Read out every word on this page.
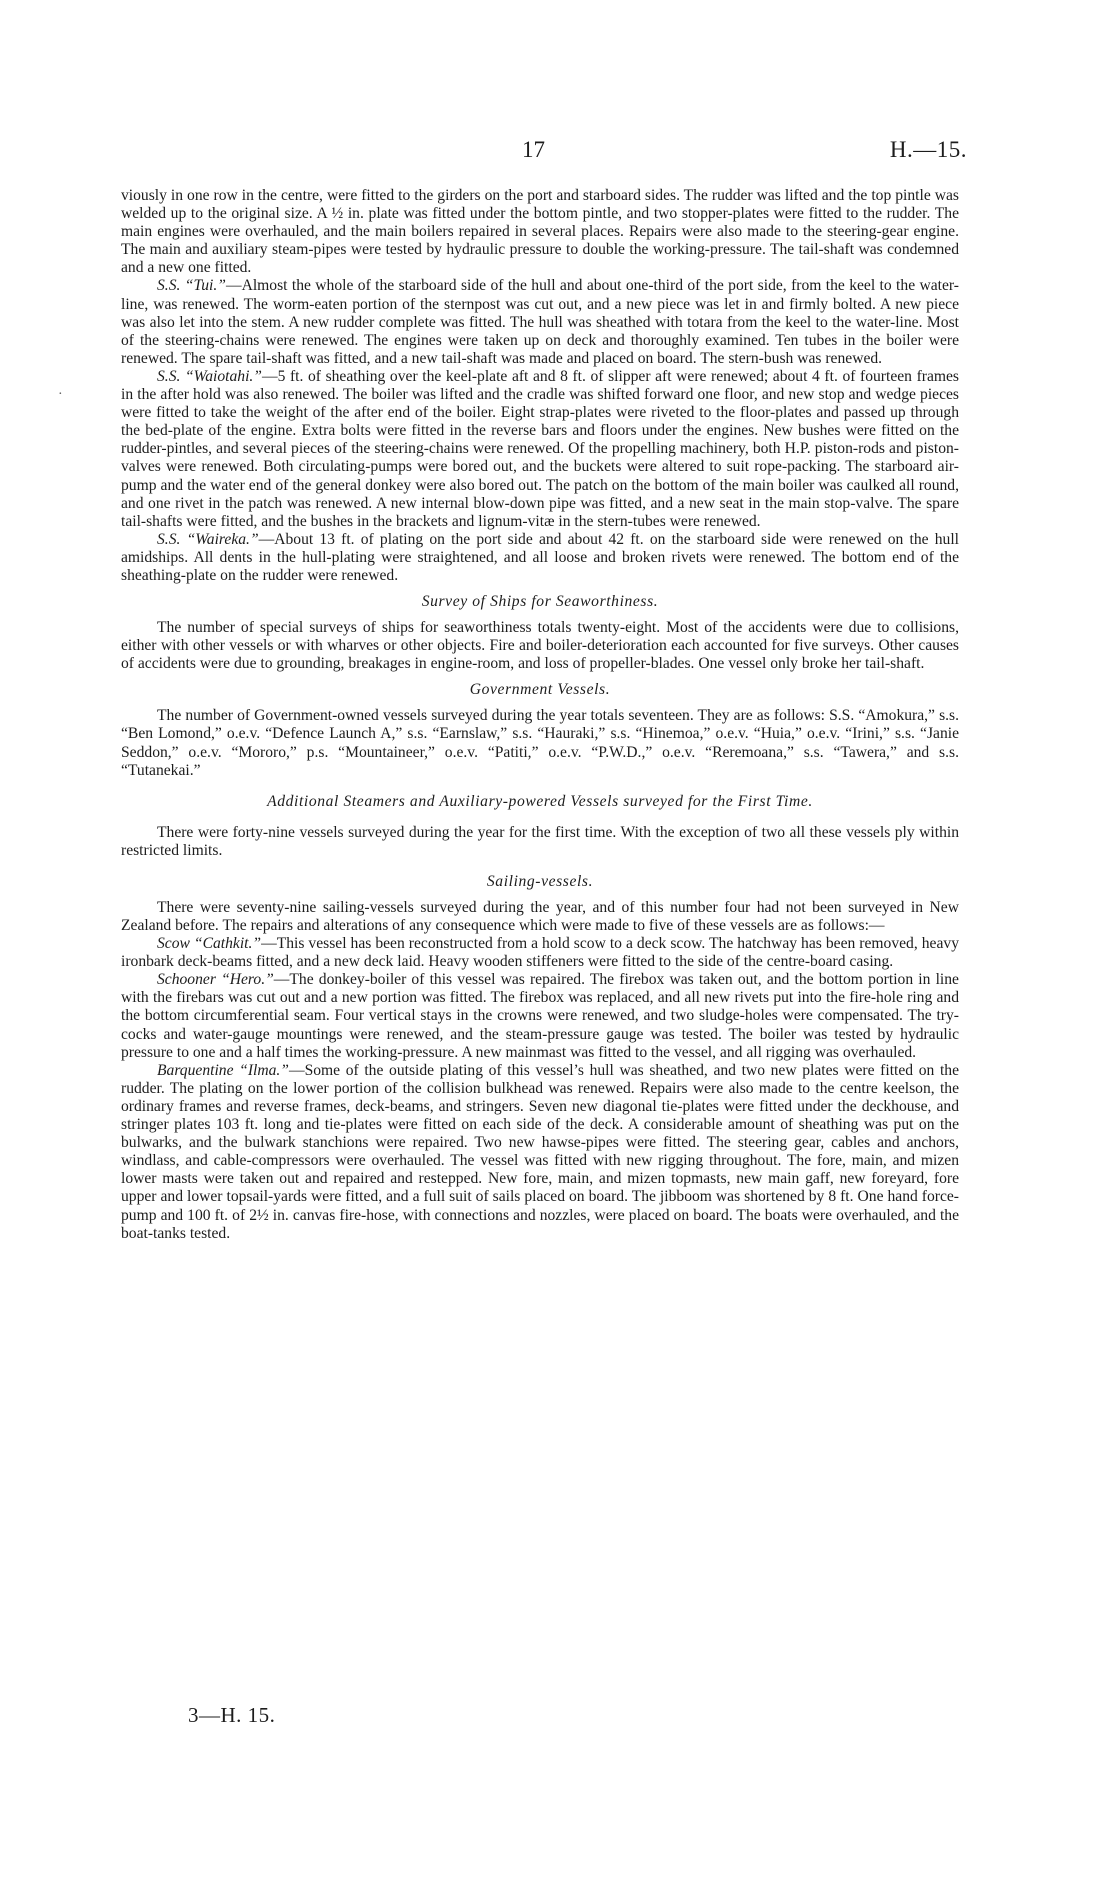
17	H.—15.
·

viously in one row in the centre, were fitted to the girders on the port and starboard sides. The rudder was lifted and the top pintle was welded up to the original size. A ½ in. plate was fitted under the bottom pintle, and two stopper-plates were fitted to the rudder. The main engines were overhauled, and the main boilers repaired in several places. Repairs were also made to the steering-gear engine. The main and auxiliary steam-pipes were tested by hydraulic pressure to double the working-pressure. The tail-shaft was condemned and a new one fitted.

S.S. “Tui.”—Almost the whole of the starboard side of the hull and about one-third of the port side, from the keel to the water-line, was renewed. The worm-eaten portion of the sternpost was cut out, and a new piece was let in and firmly bolted. A new piece was also let into the stem. A new rudder complete was fitted. The hull was sheathed with totara from the keel to the water-line. Most of the steering-chains were renewed. The engines were taken up on deck and thoroughly examined. Ten tubes in the boiler were renewed. The spare tail-shaft was fitted, and a new tail-shaft was made and placed on board. The stern-bush was renewed.

S.S. “Waiotahi.”—5 ft. of sheathing over the keel-plate aft and 8 ft. of slipper aft were renewed; about 4 ft. of fourteen frames in the after hold was also renewed. The boiler was lifted and the cradle was shifted forward one floor, and new stop and wedge pieces were fitted to take the weight of the after end of the boiler. Eight strap-plates were riveted to the floor-plates and passed up through the bed-plate of the engine. Extra bolts were fitted in the reverse bars and floors under the engines. New bushes were fitted on the rudder-pintles, and several pieces of the steering-chains were renewed. Of the propelling machinery, both H.P. piston-rods and piston-valves were renewed. Both circulating-pumps were bored out, and the buckets were altered to suit rope-packing. The starboard air-pump and the water end of the general donkey were also bored out. The patch on the bottom of the main boiler was caulked all round, and one rivet in the patch was renewed. A new internal blow-down pipe was fitted, and a new seat in the main stop-valve. The spare tail-shafts were fitted, and the bushes in the brackets and lignum-vitæ in the stern-tubes were renewed.

S.S. “Waireka.”—About 13 ft. of plating on the port side and about 42 ft. on the starboard side were renewed on the hull amidships. All dents in the hull-plating were straightened, and all loose and broken rivets were renewed. The bottom end of the sheathing-plate on the rudder were renewed.

Survey of Ships for Seaworthiness.

The number of special surveys of ships for seaworthiness totals twenty-eight. Most of the accidents were due to collisions, either with other vessels or with wharves or other objects. Fire and boiler-deterioration each accounted for five surveys. Other causes of accidents were due to grounding, breakages in engine-room, and loss of propeller-blades. One vessel only broke her tail-shaft.

Government Vessels.

The number of Government-owned vessels surveyed during the year totals seventeen. They are as follows: S.S. “Amokura,” s.s. “Ben Lomond,” o.e.v. “Defence Launch A,” s.s. “Earnslaw,” s.s. “Hauraki,” s.s. “Hinemoa,” o.e.v. “Huia,” o.e.v. “Irini,” s.s. “Janie Seddon,” o.e.v. “Mororo,” p.s. “Mountaineer,” o.e.v. “Patiti,” o.e.v. “P.W.D.,” o.e.v. “Reremoana,” s.s. “Tawera,” and s.s. “Tutanekai.”

Additional Steamers and Auxiliary-powered Vessels surveyed for the First Time.

There were forty-nine vessels surveyed during the year for the first time. With the exception of two all these vessels ply within restricted limits.

Sailing-vessels.

There were seventy-nine sailing-vessels surveyed during the year, and of this number four had not been surveyed in New Zealand before. The repairs and alterations of any consequence which were made to five of these vessels are as follows:—

Scow “Cathkit.”—This vessel has been reconstructed from a hold scow to a deck scow. The hatchway has been removed, heavy ironbark deck-beams fitted, and a new deck laid. Heavy wooden stiffeners were fitted to the side of the centre-board casing.

Schooner “Hero.”—The donkey-boiler of this vessel was repaired. The firebox was taken out, and the bottom portion in line with the firebars was cut out and a new portion was fitted. The firebox was replaced, and all new rivets put into the fire-hole ring and the bottom circumferential seam. Four vertical stays in the crowns were renewed, and two sludge-holes were compensated. The try-cocks and water-gauge mountings were renewed, and the steam-pressure gauge was tested. The boiler was tested by hydraulic pressure to one and a half times the working-pressure. A new mainmast was fitted to the vessel, and all rigging was overhauled.

Barquentine “Ilma.”—Some of the outside plating of this vessel’s hull was sheathed, and two new plates were fitted on the rudder. The plating on the lower portion of the collision bulkhead was renewed. Repairs were also made to the centre keelson, the ordinary frames and reverse frames, deck-beams, and stringers. Seven new diagonal tie-plates were fitted under the deckhouse, and stringer plates 103 ft. long and tie-plates were fitted on each side of the deck. A considerable amount of sheathing was put on the bulwarks, and the bulwark stanchions were repaired. Two new hawse-pipes were fitted. The steering gear, cables and anchors, windlass, and cable-compressors were overhauled. The vessel was fitted with new rigging throughout. The fore, main, and mizen lower masts were taken out and repaired and restepped. New fore, main, and mizen topmasts, new main gaff, new foreyard, fore upper and lower topsail-yards were fitted, and a full suit of sails placed on board. The jibboom was shortened by 8 ft. One hand force-pump and 100 ft. of 2½ in. canvas fire-hose, with connections and nozzles, were placed on board. The boats were overhauled, and the boat-tanks tested.

3—H. 15.
